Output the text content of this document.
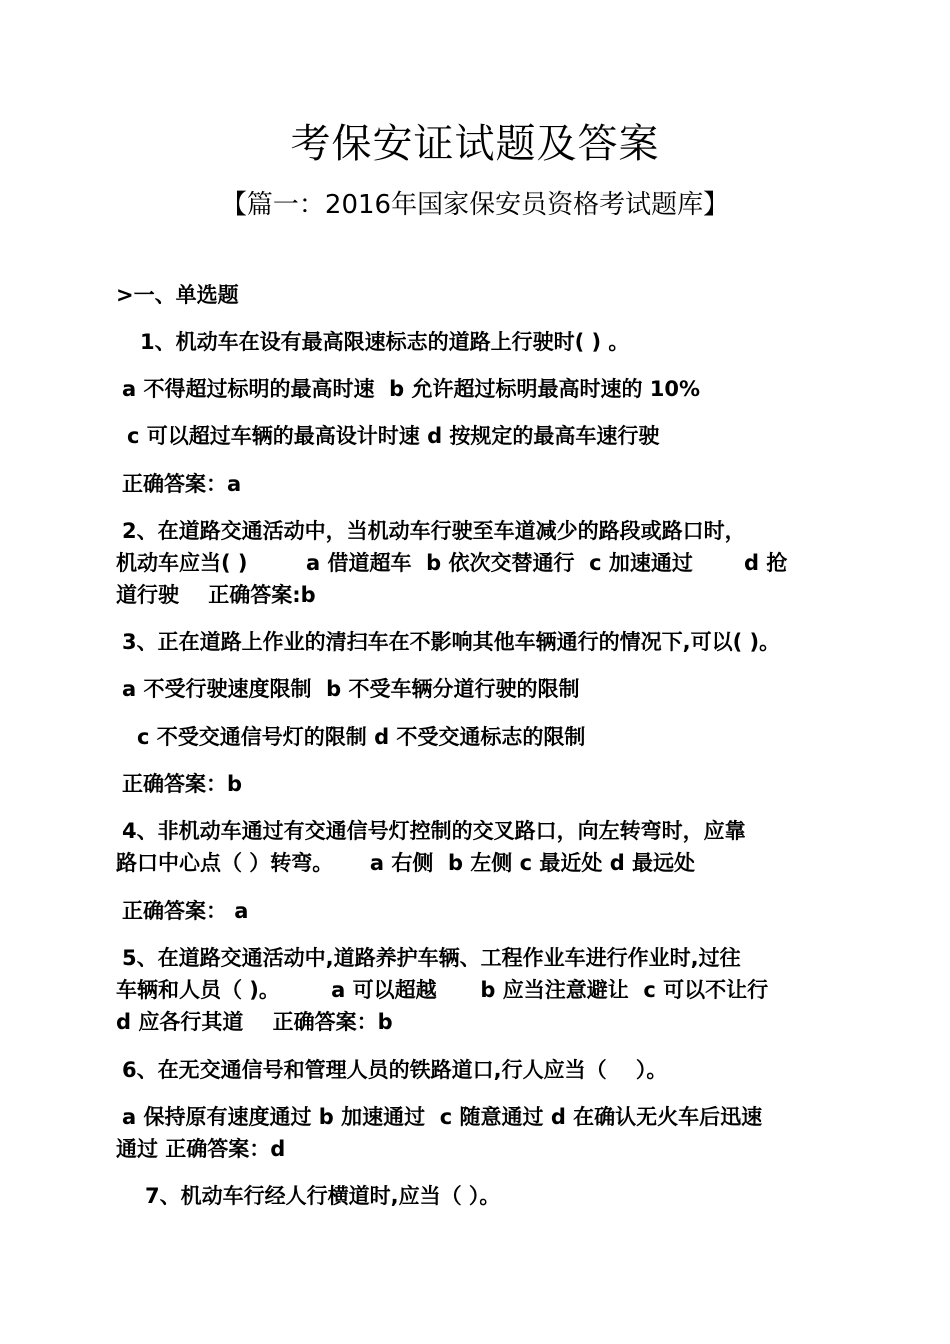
考保安证试题及答案
【篇一：2016年国家保安员资格考试题库】
>一、单选题
1、机动车在设有最高限速标志的道路上行驶时( ) 。
a 不得超过标明的最高时速  b 允许超过标明最高时速的 10%
c 可以超过车辆的最高设计时速 d 按规定的最高车速行驶
正确答案：a
2、在道路交通活动中，当机动车行驶至车道减少的路段或路口时，
机动车应当( )        a 借道超车  b 依次交替通行  c 加速通过       d 抢
道行驶    正确答案:b
3、正在道路上作业的清扫车在不影响其他车辆通行的情况下,可以( )。
a 不受行驶速度限制  b 不受车辆分道行驶的限制
c 不受交通信号灯的限制 d 不受交通标志的限制
正确答案：b
4、非机动车通过有交通信号灯控制的交叉路口，向左转弯时，应靠
路口中心点（ ）转弯。     a 右侧  b 左侧 c 最近处 d 最远处
正确答案： a
5、在道路交通活动中,道路养护车辆、工程作业车进行作业时,过往
车辆和人员（ )。       a 可以超越      b 应当注意避让  c 可以不让行
d 应各行其道    正确答案：b
6、在无交通信号和管理人员的铁路道口,行人应当（    ）。
a 保持原有速度通过 b 加速通过  c 随意通过 d 在确认无火车后迅速
通过 正确答案：d
7、机动车行经人行横道时,应当（ ）。
